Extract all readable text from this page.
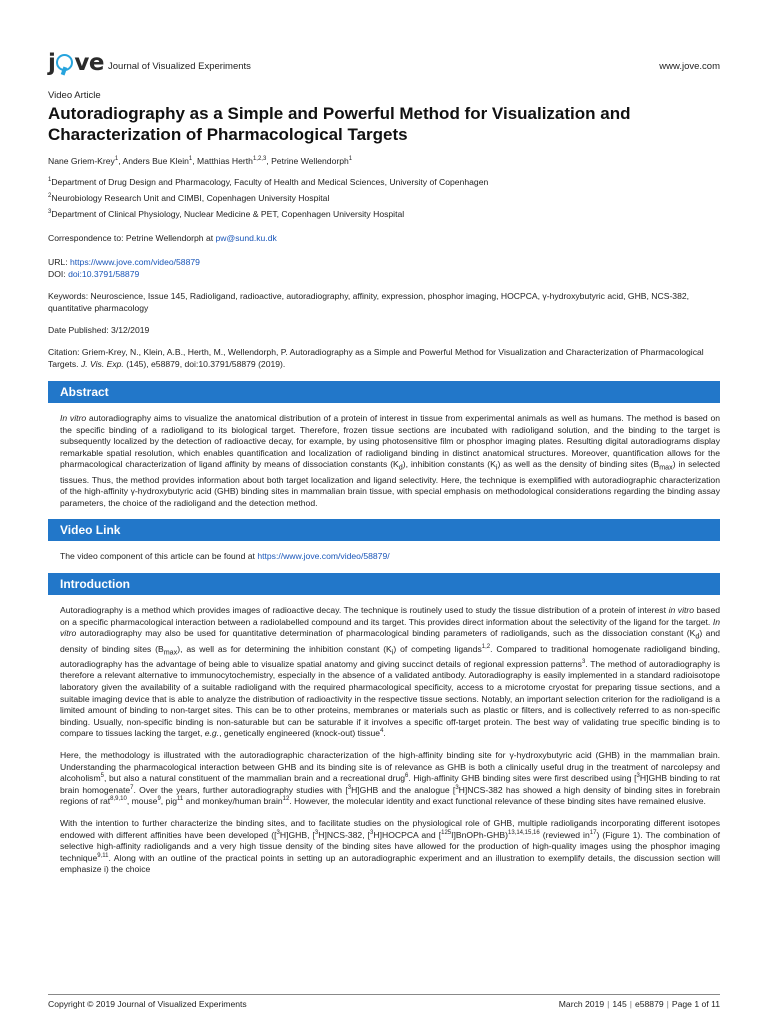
j ve Journal of Visualized Experiments	www.jove.com

Video Article

Autoradiography as a Simple and Powerful Method for Visualization and Characterization of Pharmacological Targets

Nane Griem-Krey$^1$, Anders Bue Klein$^1$, Matthias Herth$^{1,2,3}$, Petrine Wellendorph$^1$

$^1$Department of Drug Design and Pharmacology, Faculty of Health and Medical Sciences, University of Copenhagen

$^2$Neurobiology Research Unit and CIMBI, Copenhagen University Hospital

$^3$Department of Clinical Physiology, Nuclear Medicine & PET, Copenhagen University Hospital

Correspondence to: Petrine Wellendorph at pw@sund.ku.dk

URL: https://www.jove.com/video/58879

DOI: doi:10.3791/58879

Keywords: Neuroscience, Issue 145, Radioligand, radioactive, autoradiography, affinity, expression, phosphor imaging, HOCPCA, γ-hydroxybutyric acid, GHB, NCS-382, quantitative pharmacology

Date Published: 3/12/2019

Citation: Griem-Krey, N., Klein, A.B., Herth, M., Wellendorph, P. Autoradiography as a Simple and Powerful Method for Visualization and Characterization of Pharmacological Targets. J. Vis. Exp. (145), e58879, doi:10.3791/58879 (2019).

Abstract

In vitro autoradiography aims to visualize the anatomical distribution of a protein of interest in tissue from experimental animals as well as humans. The method is based on the specific binding of a radioligand to its biological target. Therefore, frozen tissue sections are incubated with radioligand solution, and the binding to the target is subsequently localized by the detection of radioactive decay, for example, by using photosensitive film or phosphor imaging plates. Resulting digital autoradiograms display remarkable spatial resolution, which enables quantification and localization of radioligand binding in distinct anatomical structures. Moreover, quantification allows for the pharmacological characterization of ligand affinity by means of dissociation constants $(K_d)$, inhibition constants $(K_i)$ as well as the density of binding sites $(B_{max})$ in selected tissues. Thus, the method provides information about both target localization and ligand selectivity. Here, the technique is exemplified with autoradiographic characterization of the high-affinity γ-hydroxybutyric acid (GHB) binding sites in mammalian brain tissue, with special emphasis on methodological considerations regarding the binding assay parameters, the choice of the radioligand and the detection method.

Video Link

The video component of this article can be found at https://www.jove.com/video/58879/

Introduction

Autoradiography is a method which provides images of radioactive decay. The technique is routinely used to study the tissue distribution of a protein of interest in vitro based on a specific pharmacological interaction between a radiolabelled compound and its target. This provides direct information about the selectivity of the ligand for the target. In vitro autoradiography may also be used for quantitative determination of pharmacological binding parameters of radioligands, such as the dissociation constant $(K_d)$ and density of binding sites $(B_{max})$, as well as for determining the inhibition constant $(K_i)$ of competing ligands$^{1,2}$. Compared to traditional homogenate radioligand binding, autoradiography has the advantage of being able to visualize spatial anatomy and giving succinct details of regional expression patterns$^3$. The method of autoradiography is therefore a relevant alternative to immunocytochemistry, especially in the absence of a validated antibody. Autoradiography is easily implemented in a standard radioisotope laboratory given the availability of a suitable radioligand with the required pharmacological specificity, access to a microtome cryostat for preparing tissue sections, and a suitable imaging device that is able to analyze the distribution of radioactivity in the respective tissue sections. Notably, an important selection criterion for the radioligand is a limited amount of binding to non-target sites. This can be to other proteins, membranes or materials such as plastic or filters, and is collectively referred to as non-specific binding. Usually, non-specific binding is non-saturable but can be saturable if it involves a specific off-target protein. The best way of validating true specific binding is to compare to tissues lacking the target, e.g., genetically engineered (knock-out) tissue$^4$.

Here, the methodology is illustrated with the autoradiographic characterization of the high-affinity binding site for γ-hydroxybutyric acid (GHB) in the mammalian brain. Understanding the pharmacological interaction between GHB and its binding site is of relevance as GHB is both a clinically useful drug in the treatment of narcolepsy and alcoholism$^5$, but also a natural constituent of the mammalian brain and a recreational drug$^6$. High-affinity GHB binding sites were first described using [$^3$H]GHB binding to rat brain homogenate$^7$. Over the years, further autoradiography studies with [$^3$H]GHB and the analogue [$^3$H]NCS-382 has showed a high density of binding sites in forebrain regions of rat$^{8,9,10}$, mouse$^9$, pig$^{11}$ and monkey/human brain$^{12}$. However, the molecular identity and exact functional relevance of these binding sites have remained elusive.

With the intention to further characterize the binding sites, and to facilitate studies on the physiological role of GHB, multiple radioligands incorporating different isotopes endowed with different affinities have been developed ([$^3$H]GHB, [$^3$H]NCS-382, [$^3$H]HOCPCA and [$^{125}$I]BnOPh-GHB)$^{13,14,15,16}$ (reviewed $in^{17}$) (Figure 1). The combination of selective high-affinity radioligands and a very high tissue density of the binding sites have allowed for the production of high-quality images using the phosphor imaging technique$^{9,11}$. Along with an outline of the practical points in setting up an autoradiographic experiment and an illustration to exemplify details, the discussion section will emphasize i) the choice

Copyright © 2019 Journal of Visualized Experiments	March 2019 | 145 | e58879 | Page 1 of 11
